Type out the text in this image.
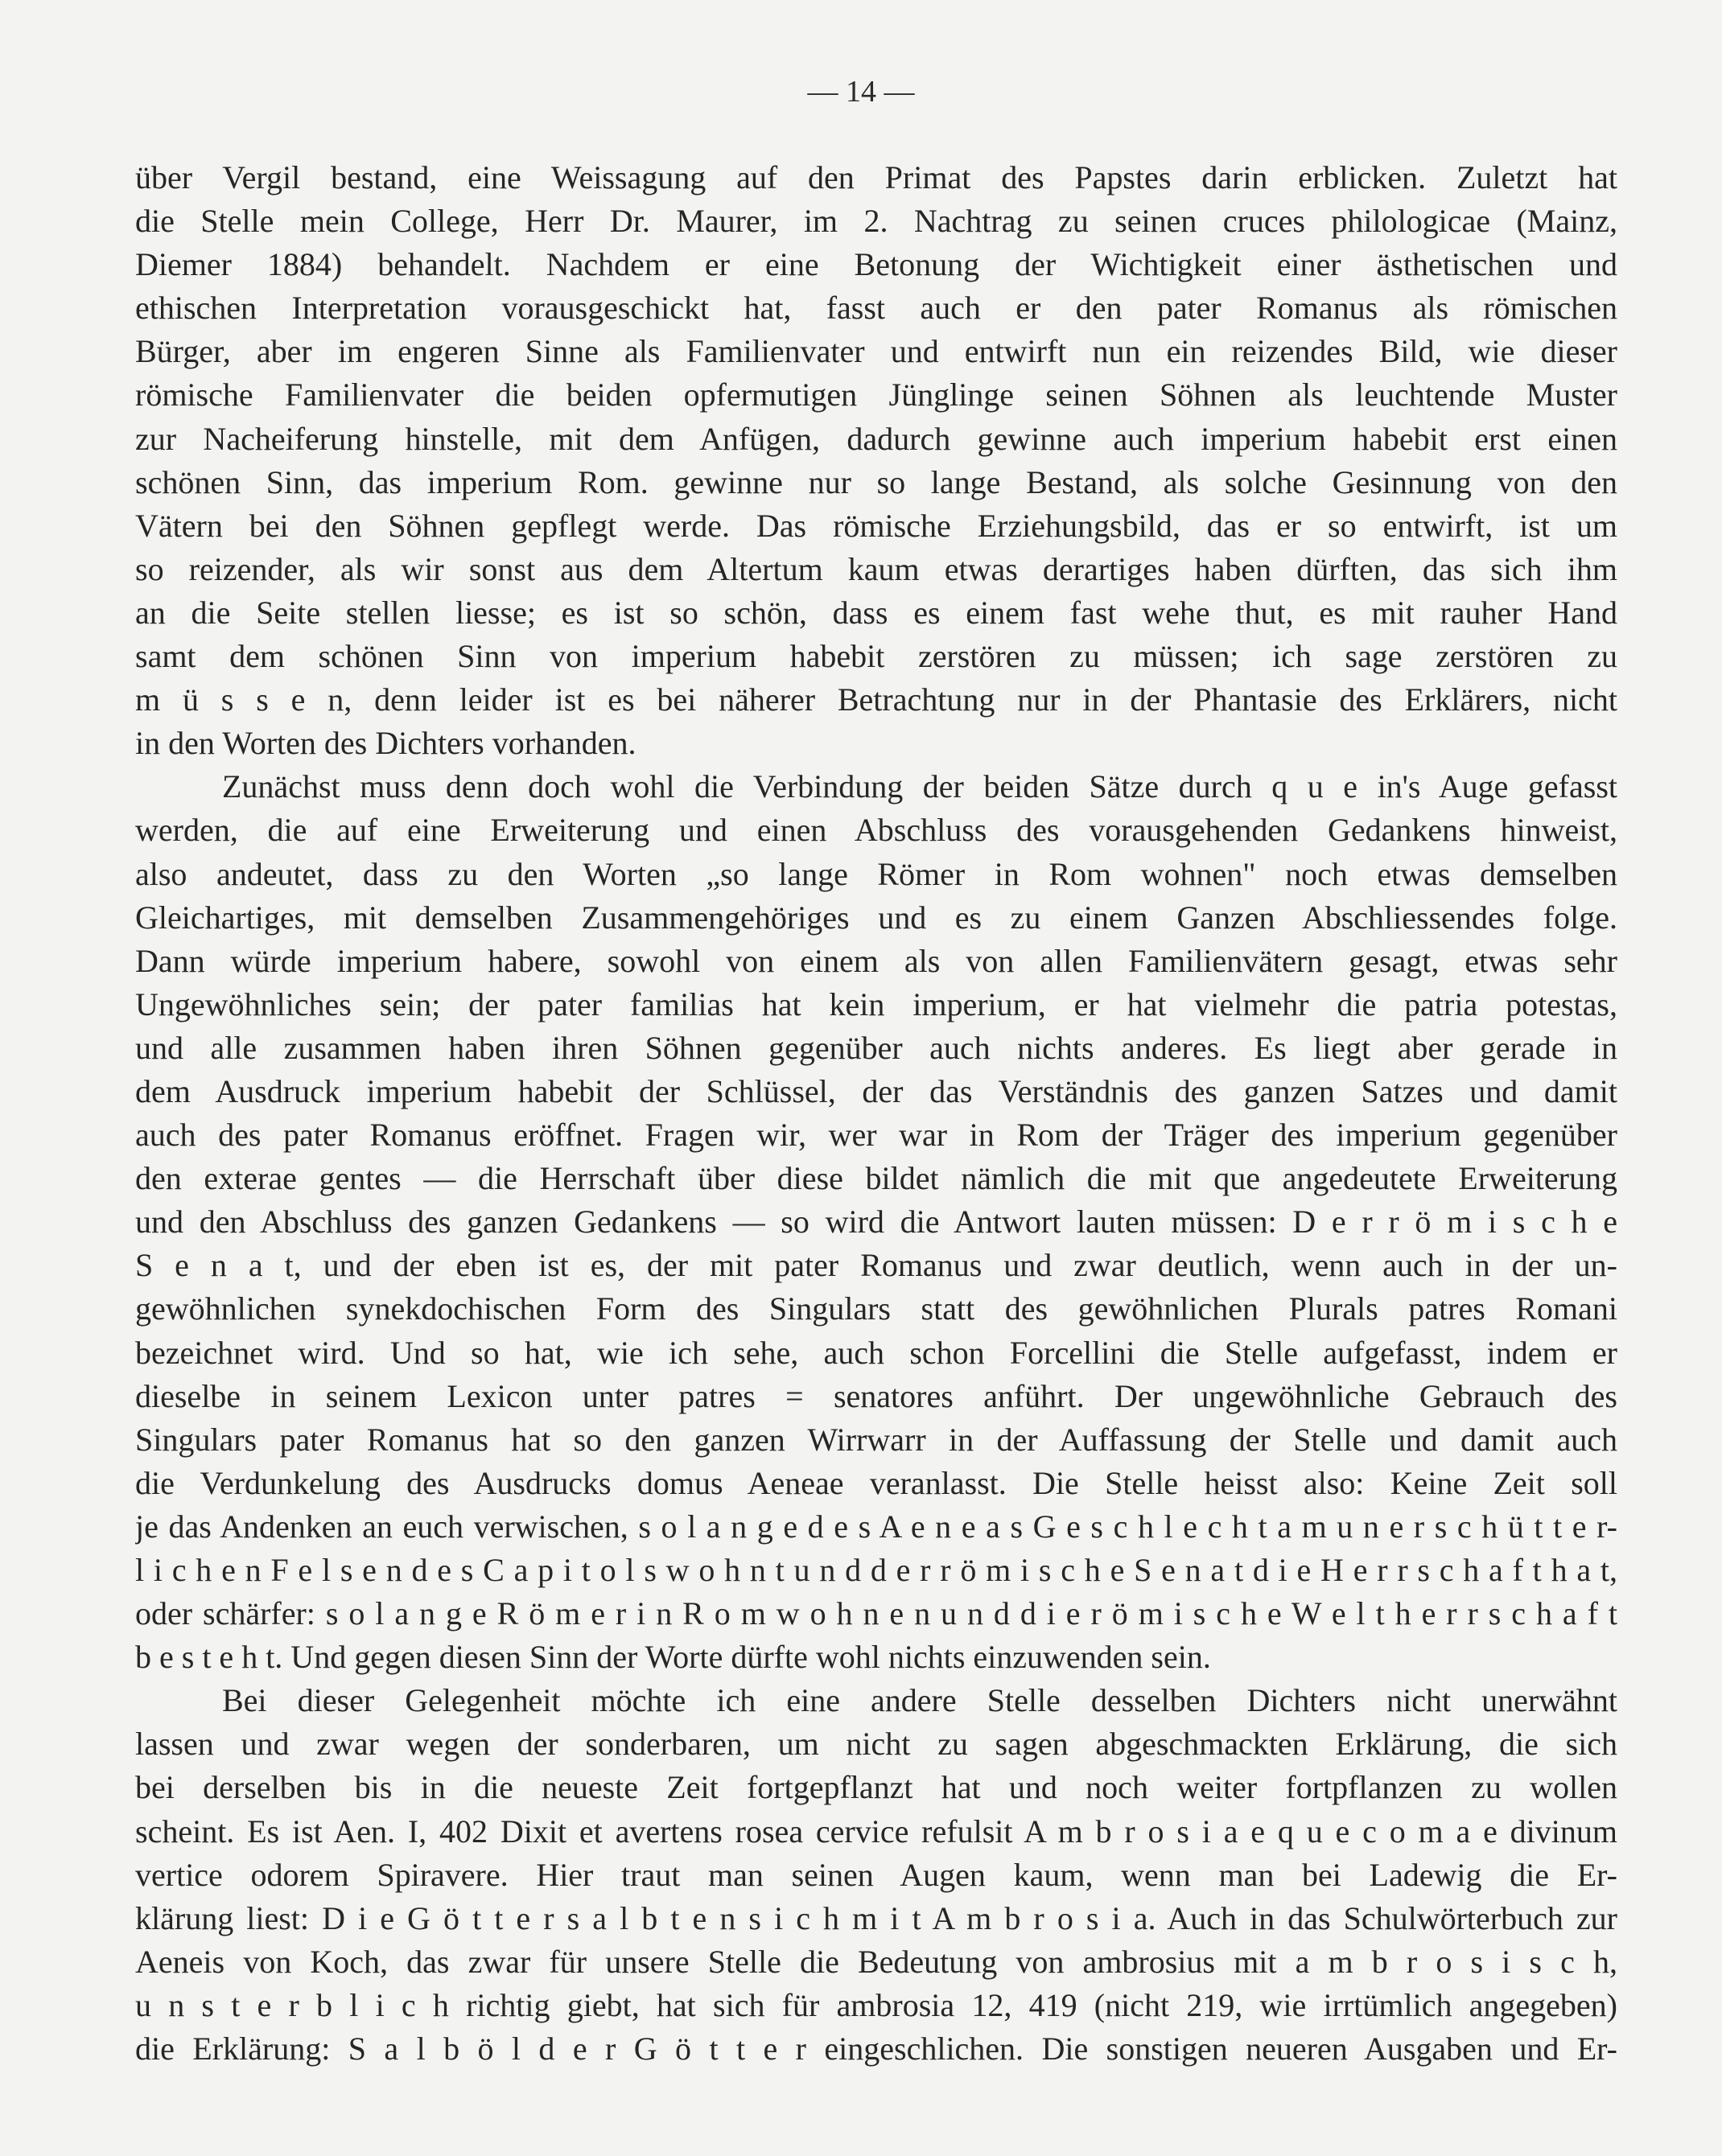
— 14 —
über Vergil bestand, eine Weissagung auf den Primat des Papstes darin erblicken. Zuletzt hat
die Stelle mein College, Herr Dr. Maurer, im 2. Nachtrag zu seinen cruces philologicae (Mainz,
Diemer 1884) behandelt. Nachdem er eine Betonung der Wichtigkeit einer ästhetischen und
ethischen Interpretation vorausgeschickt hat, fasst auch er den pater Romanus als römischen
Bürger, aber im engeren Sinne als Familienvater und entwirft nun ein reizendes Bild, wie dieser
römische Familienvater die beiden opfermutigen Jünglinge seinen Söhnen als leuchtende Muster
zur Nacheiferung hinstelle, mit dem Anfügen, dadurch gewinne auch imperium habebit erst einen
schönen Sinn, das imperium Rom. gewinne nur so lange Bestand, als solche Gesinnung von den
Vätern bei den Söhnen gepflegt werde. Das römische Erziehungsbild, das er so entwirft, ist um
so reizender, als wir sonst aus dem Altertum kaum etwas derartiges haben dürften, das sich ihm
an die Seite stellen liesse; es ist so schön, dass es einem fast wehe thut, es mit rauher Hand
samt dem schönen Sinn von imperium habebit zerstören zu müssen; ich sage zerstören zu
m ü s s e n, denn leider ist es bei näherer Betrachtung nur in der Phantasie des Erklärers, nicht
in den Worten des Dichters vorhanden.
Zunächst muss denn doch wohl die Verbindung der beiden Sätze durch q u e in's Auge gefasst
werden, die auf eine Erweiterung und einen Abschluss des vorausgehenden Gedankens hinweist,
also andeutet, dass zu den Worten „so lange Römer in Rom wohnen" noch etwas demselben
Gleichartiges, mit demselben Zusammengehöriges und es zu einem Ganzen Abschliessendes folge.
Dann würde imperium habere, sowohl von einem als von allen Familienvätern gesagt, etwas sehr
Ungewöhnliches sein; der pater familias hat kein imperium, er hat vielmehr die patria potestas,
und alle zusammen haben ihren Söhnen gegenüber auch nichts anderes. Es liegt aber gerade in
dem Ausdruck imperium habebit der Schlüssel, der das Verständnis des ganzen Satzes und damit
auch des pater Romanus eröffnet. Fragen wir, wer war in Rom der Träger des imperium gegenüber
den exterae gentes — die Herrschaft über diese bildet nämlich die mit que angedeutete Erweiterung
und den Abschluss des ganzen Gedankens — so wird die Antwort lauten müssen: D e r r ö m i s c h e
S e n a t, und der eben ist es, der mit pater Romanus und zwar deutlich, wenn auch in der un-
gewöhnlichen synekdochischen Form des Singulars statt des gewöhnlichen Plurals patres Romani
bezeichnet wird. Und so hat, wie ich sehe, auch schon Forcellini die Stelle aufgefasst, indem er
dieselbe in seinem Lexicon unter patres = senatores anführt. Der ungewöhnliche Gebrauch des
Singulars pater Romanus hat so den ganzen Wirrwarr in der Auffassung der Stelle und damit auch
die Verdunkelung des Ausdrucks domus Aeneae veranlasst. Die Stelle heisst also: Keine Zeit soll
je das Andenken an euch verwischen, s o l a n g e d e s A e n e a s G e s c h l e c h t a m u n e r s c h ü t t e r-
l i c h e n F e l s e n d e s C a p i t o l s w o h n t u n d d e r r ö m i s c h e S e n a t d i e H e r r s c h a f t h a t,
oder schärfer: s o l a n g e R ö m e r i n R o m w o h n e n u n d d i e r ö m i s c h e W e l t h e r r s c h a f t
b e s t e h t. Und gegen diesen Sinn der Worte dürfte wohl nichts einzuwenden sein.
Bei dieser Gelegenheit möchte ich eine andere Stelle desselben Dichters nicht unerwähnt
lassen und zwar wegen der sonderbaren, um nicht zu sagen abgeschmackten Erklärung, die sich
bei derselben bis in die neueste Zeit fortgepflanzt hat und noch weiter fortpflanzen zu wollen
scheint. Es ist Aen. I, 402 Dixit et avertens rosea cervice refulsit A m b r o s i a e q u e c o m a e divinum
vertice odorem Spiravere. Hier traut man seinen Augen kaum, wenn man bei Ladewig die Er-
klärung liest: D i e G ö t t e r s a l b t e n s i c h m i t A m b r o s i a. Auch in das Schulwörterbuch zur
Aeneis von Koch, das zwar für unsere Stelle die Bedeutung von ambrosius mit a m b r o s i s c h,
u n s t e r b l i c h richtig giebt, hat sich für ambrosia 12, 419 (nicht 219, wie irrtümlich angegeben)
die Erklärung: S a l b ö l d e r G ö t t e r eingeschlichen. Die sonstigen neueren Ausgaben und Er-
